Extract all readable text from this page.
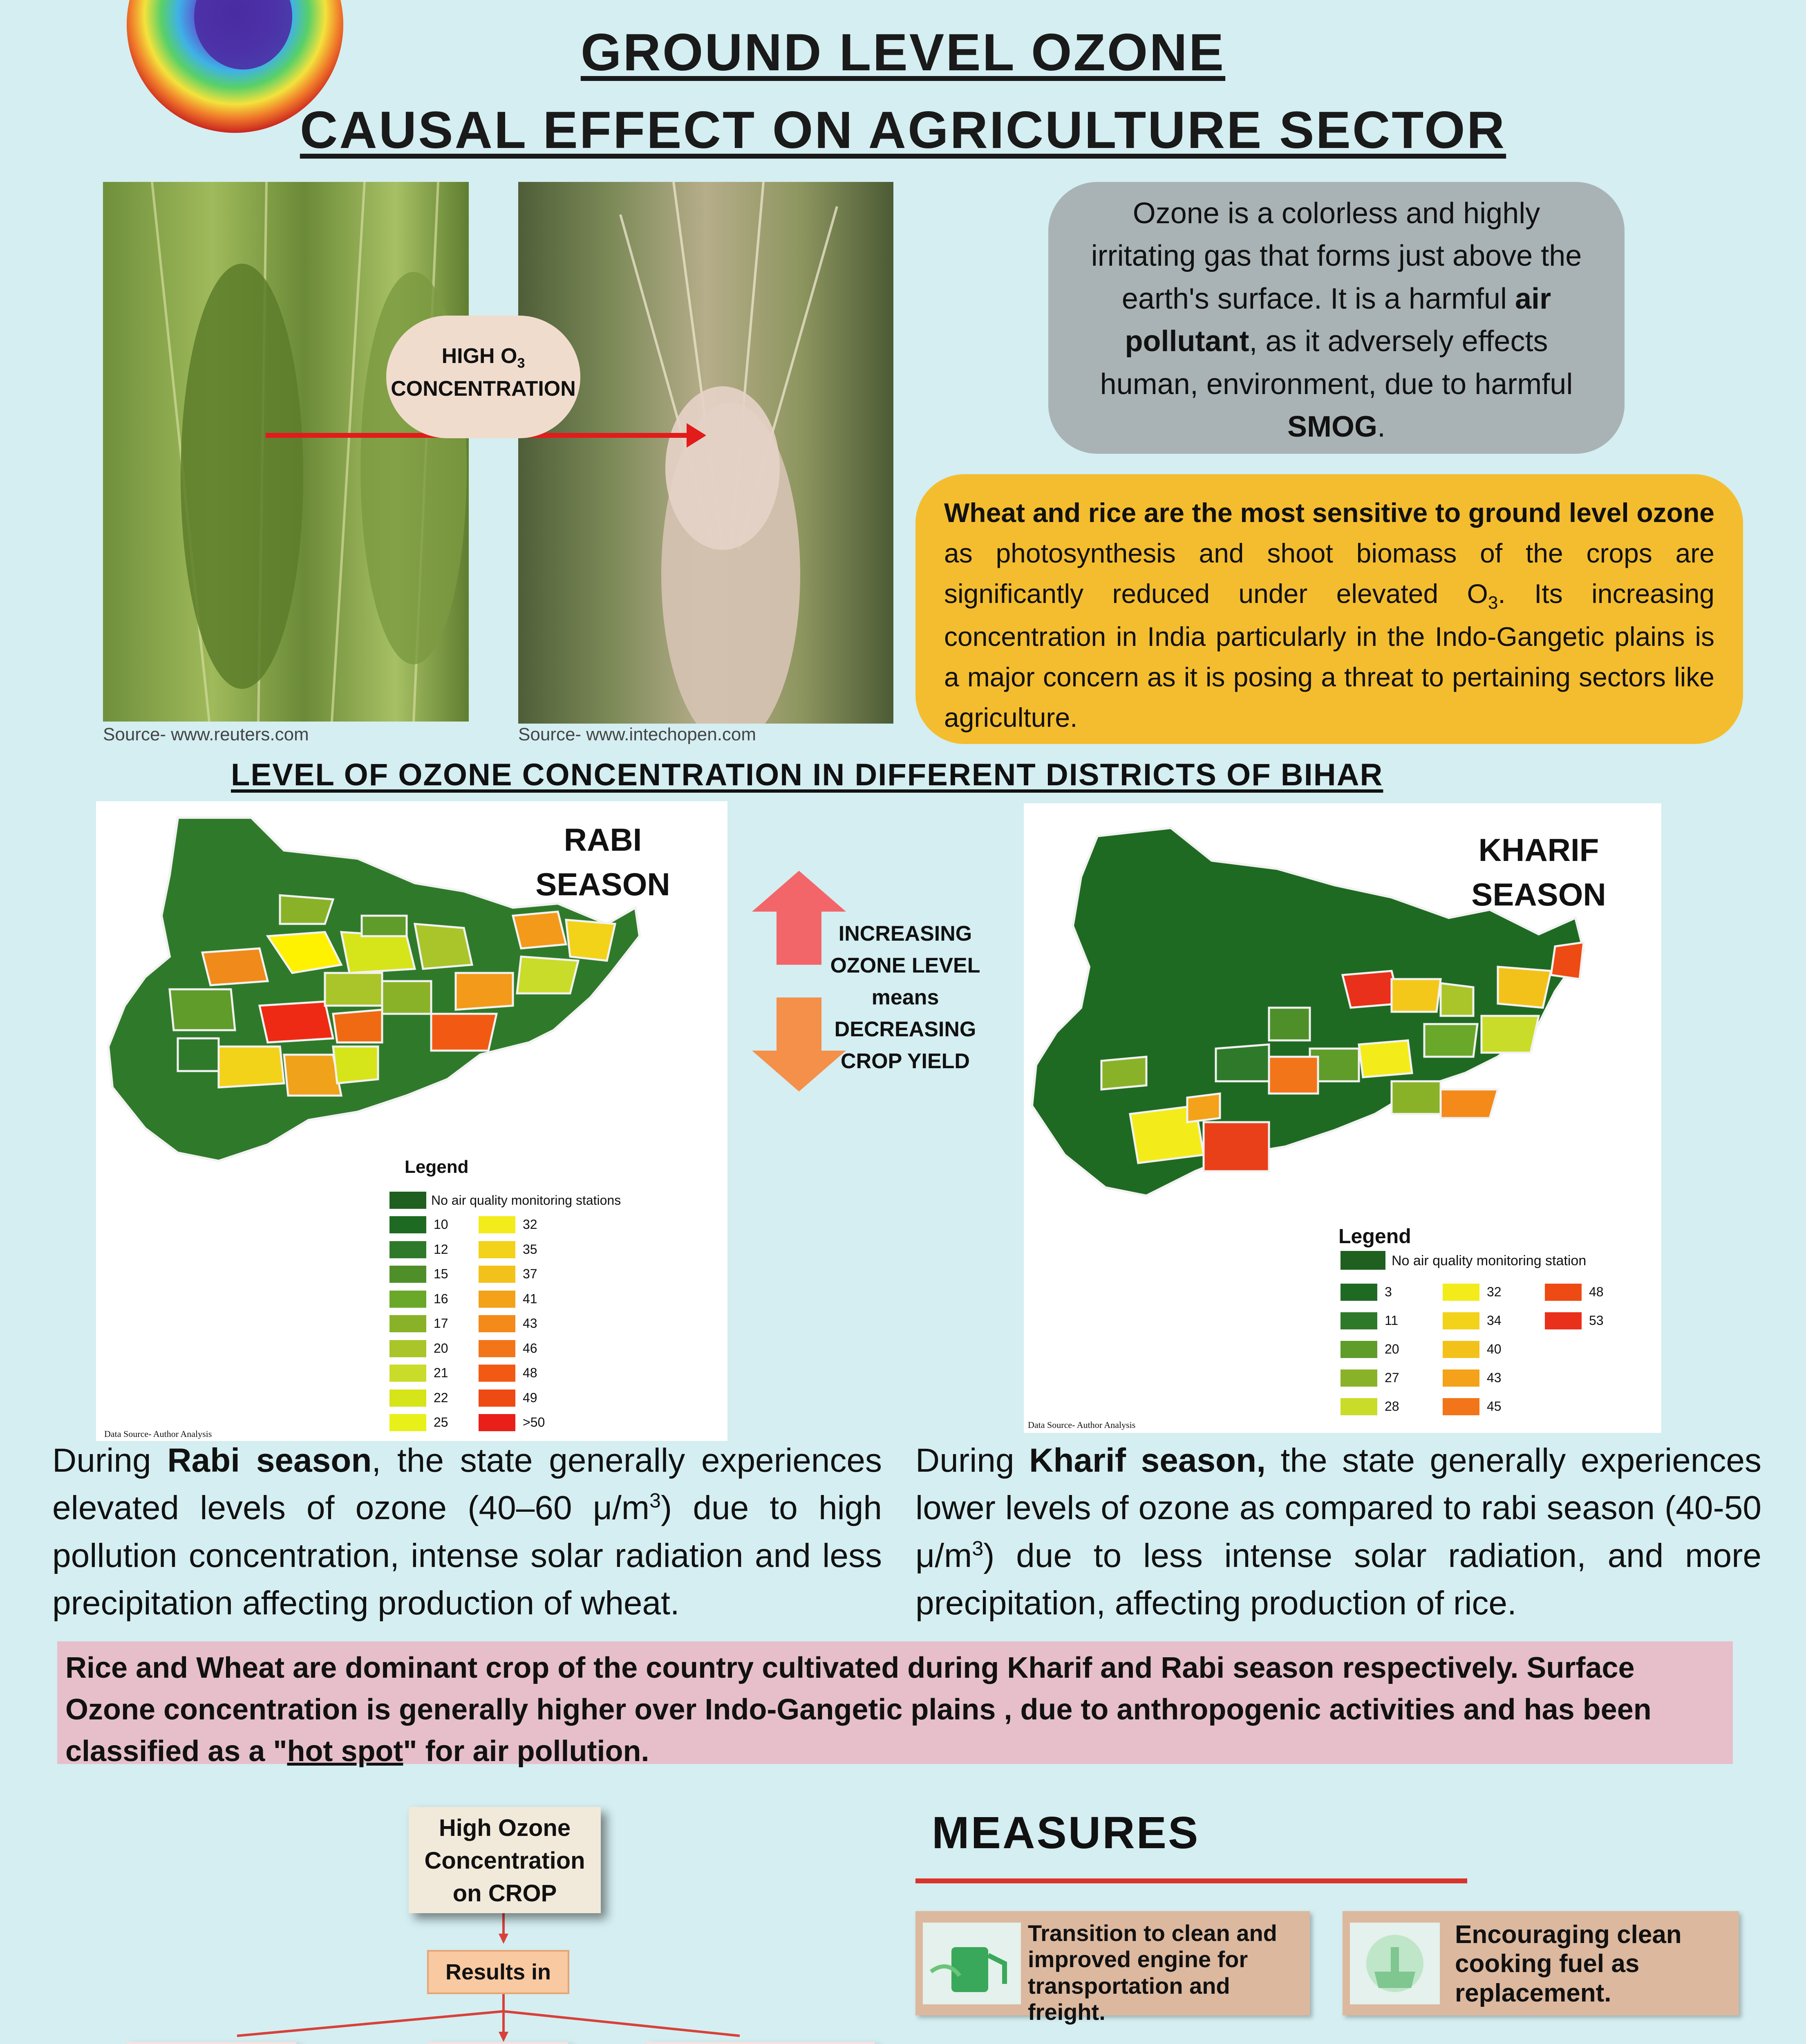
GROUND LEVEL OZONE
CAUSAL EFFECT ON AGRICULTURE SECTOR
Source- www.reuters.com	Source- www.intechopen.com
HIGH $O_3$
CONCENTRATION
Ozone is a colorless and highly irritating gas that forms just above the earth's surface. It is a harmful air pollutant, as it adversely effects human, environment, due to harmful SMOG.
Wheat and rice are the most sensitive to ground level ozone as photosynthesis and shoot biomass of the crops are significantly reduced under elevated $O_3$. Its increasing concentration in India particularly in the Indo-Gangetic plains is a major concern as it is posing a threat to pertaining sectors like agriculture.
LEVEL OF OZONE CONCENTRATION IN DIFFERENT DISTRICTS OF BIHAR
RABI
SEASON
Legend
No air quality monitoring stations
10
12
15
16
17
20
21
22
25
32
35
37
41
43
46
48
49
>50
Data Source- Author Analysis
INCREASING
OZONE LEVEL
means
DECREASING
CROP YIELD
KHARIF
SEASON
Legend
No air quality monitoring station
3
11
20
27
28
32
34
40
43
45
48
53
Data Source- Author Analysis
During Rabi season, the state generally experiences elevated levels of ozone (40–60 $\mu/m^3$) due to high pollution concentration, intense solar radiation and less precipitation affecting production of wheat.
During Kharif season, the state generally experiences lower levels of ozone as compared to rabi season (40-50 $\mu/m^3$) due to less intense solar radiation, and more precipitation, affecting production of rice.
Rice and Wheat are dominant crop of the country cultivated during Kharif and Rabi season respectively. Surface Ozone concentration is generally higher over Indo-Gangetic plains , due to anthropogenic activities and has been classified as a "hot spot" for air pollution.
High Ozone Concentration on CROP
Results in
MEASURES
Transition to clean and improved engine for transportation and freight.
Encouraging clean cooking fuel as replacement.
